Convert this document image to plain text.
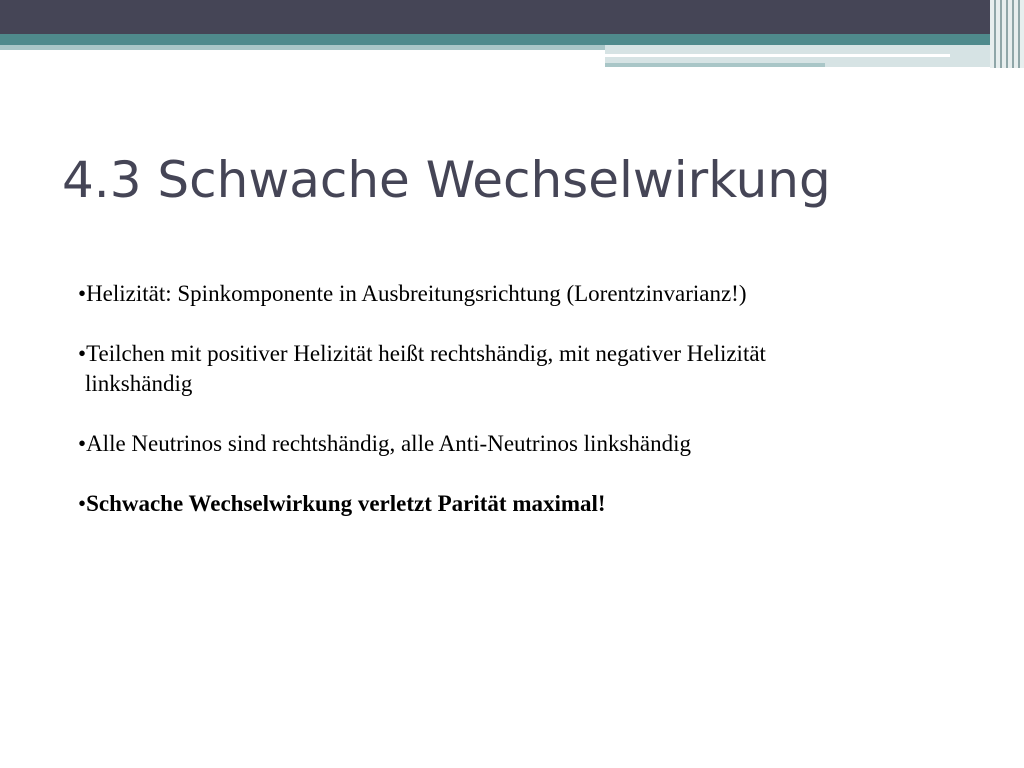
4.3 Schwache Wechselwirkung
•Helizität: Spinkomponente in Ausbreitungsrichtung (Lorentzinvarianz!)
•Teilchen mit positiver Helizität heißt rechtshändig, mit negativer Helizität
linkshändig
•Alle Neutrinos sind rechtshändig, alle Anti-Neutrinos linkshändig
•Schwache Wechselwirkung verletzt Parität maximal!
